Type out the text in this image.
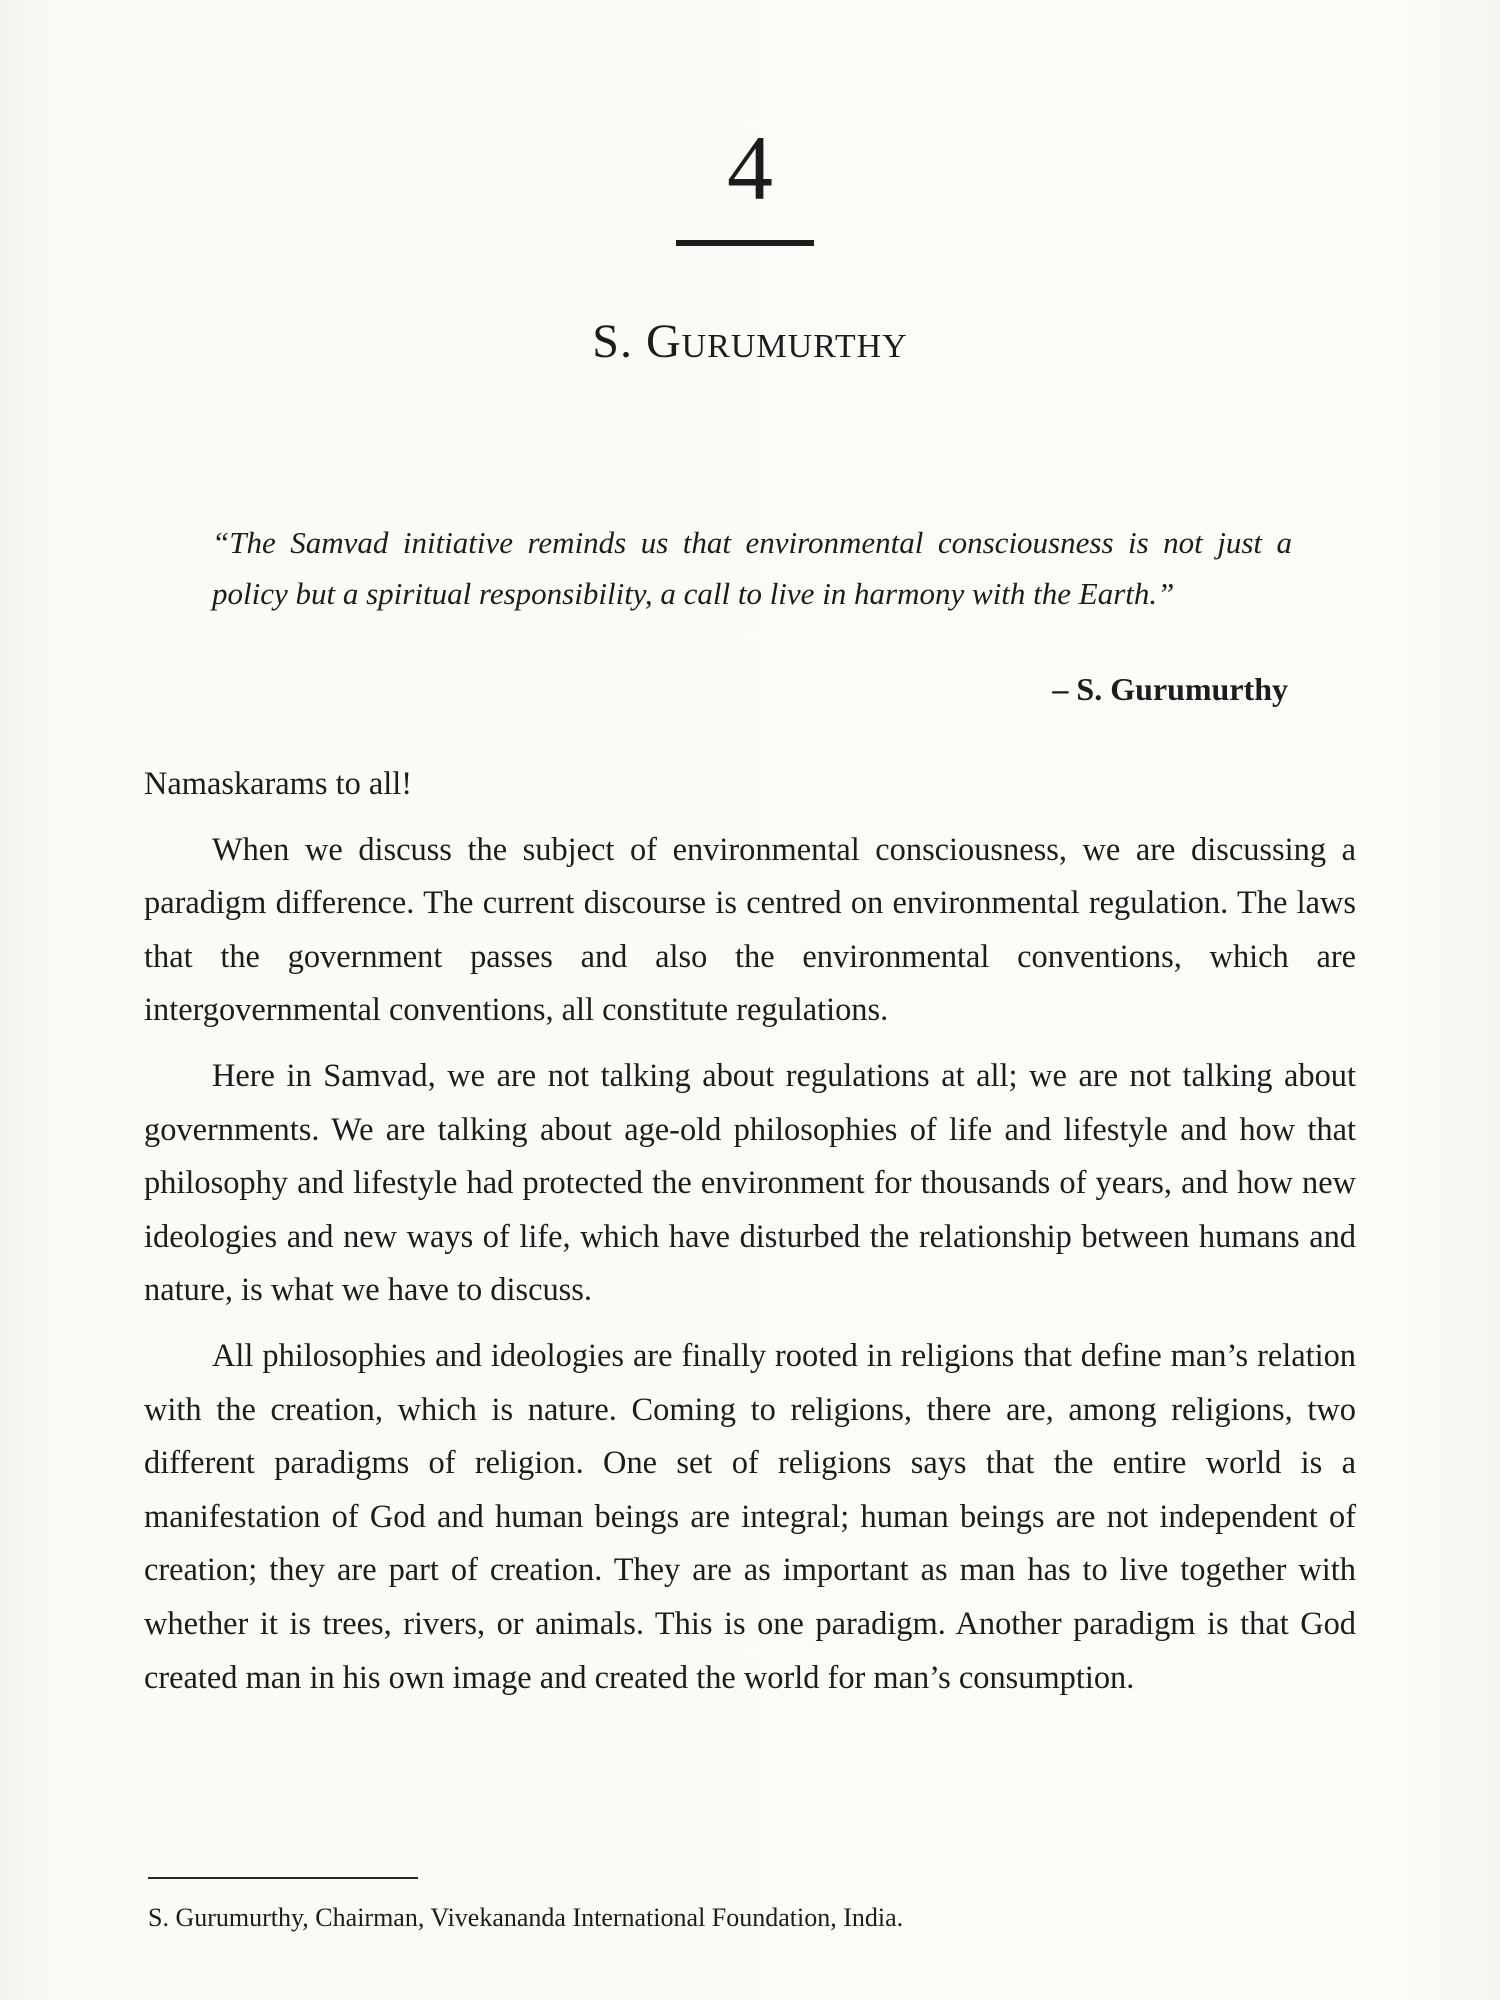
4
S. Gurumurthy
“The Samvad initiative reminds us that environmental consciousness is not just a policy but a spiritual responsibility, a call to live in harmony with the Earth.”
– S. Gurumurthy

Namaskarams to all!

When we discuss the subject of environmental consciousness, we are discussing a paradigm difference. The current discourse is centred on environmental regulation. The laws that the government passes and also the environmental conventions, which are intergovernmental conventions, all constitute regulations.

Here in Samvad, we are not talking about regulations at all; we are not talking about governments. We are talking about age-old philosophies of life and lifestyle and how that philosophy and lifestyle had protected the environment for thousands of years, and how new ideologies and new ways of life, which have disturbed the relationship between humans and nature, is what we have to discuss.

All philosophies and ideologies are finally rooted in religions that define man’s relation with the creation, which is nature. Coming to religions, there are, among religions, two different paradigms of religion. One set of religions says that the entire world is a manifestation of God and human beings are integral; human beings are not independent of creation; they are part of creation. They are as important as man has to live together with whether it is trees, rivers, or animals. This is one paradigm. Another paradigm is that God created man in his own image and created the world for man’s consumption.

S. Gurumurthy, Chairman, Vivekananda International Foundation, India.
